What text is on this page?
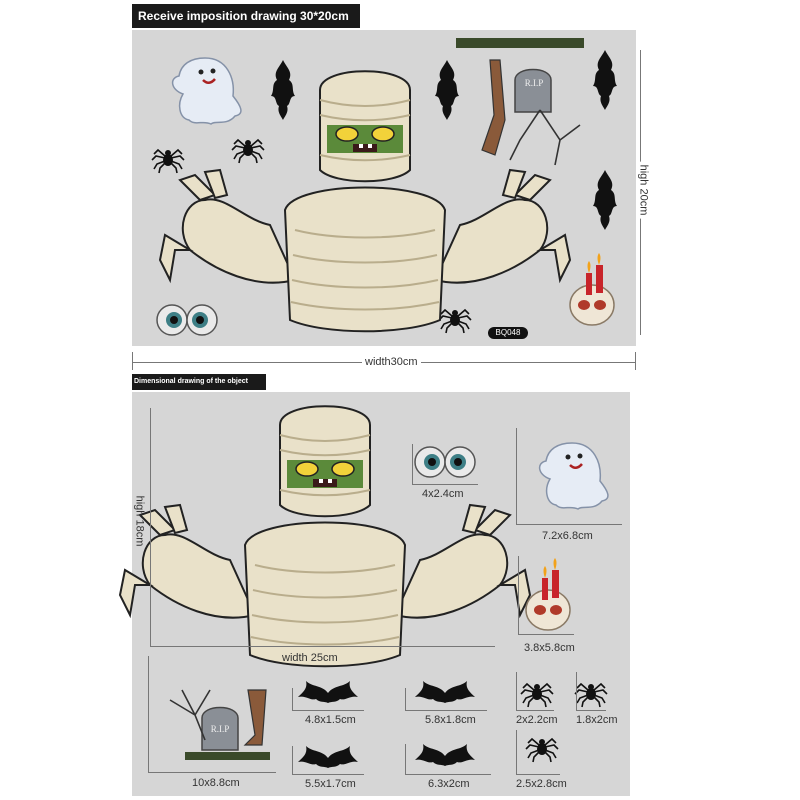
Receive imposition drawing 30*20cm
R.I.P
BQ048
width30cm
high 20cm
Dimensional drawing of the object
high 18cm
width 25cm
4x2.4cm
7.2x6.8cm
3.8x5.8cm
10x8.8cm
R.I.P
4.8x1.5cm	5.8x1.8cm
5.5x1.7cm	6.3x2cm
2x2.2cm 1.8x2cm
2.5x2.8cm
